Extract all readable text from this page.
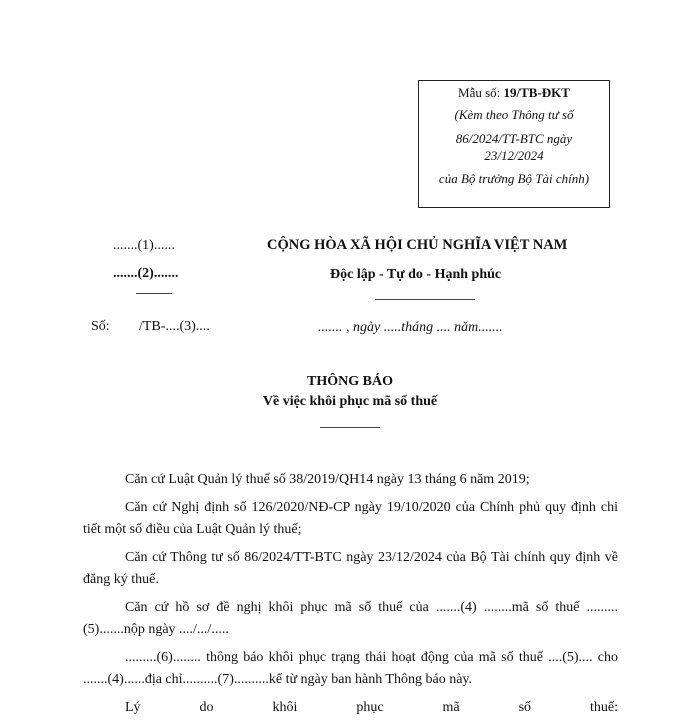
Mẫu số: 19/TB-ĐKT
(Kèm theo Thông tư số
86/2024/TT-BTC ngày
23/12/2024
của Bộ trưởng Bộ Tài chính)
.......(1)......
.......(2).......
CỘNG HÒA XÃ HỘI CHỦ NGHĨA VIỆT NAM
Độc lập - Tự do - Hạnh phúc
Số: /TB-....(3)....	....... , ngày .....tháng .... năm.......
THÔNG BÁO
Về việc khôi phục mã số thuế

Căn cứ Luật Quản lý thuế số 38/2019/QH14 ngày 13 tháng 6 năm 2019;

Căn cứ Nghị định số 126/2020/NĐ-CP ngày 19/10/2020 của Chính phủ quy định chi tiết một số điều của Luật Quản lý thuế;

Căn cứ Thông tư số 86/2024/TT-BTC ngày 23/12/2024 của Bộ Tài chính quy định về đăng ký thuế.

Căn cứ hồ sơ đề nghị khôi phục mã số thuế của .......(4) ........mã số thuế .........(5).......nộp ngày ..../.../.....

.........(6)........ thông báo khôi phục trạng thái hoạt động của mã số thuế ....(5).... cho .......(4)......địa chỉ..........(7)..........kể từ ngày ban hành Thông báo này.

Lý do khôi phục mã số thuế:
